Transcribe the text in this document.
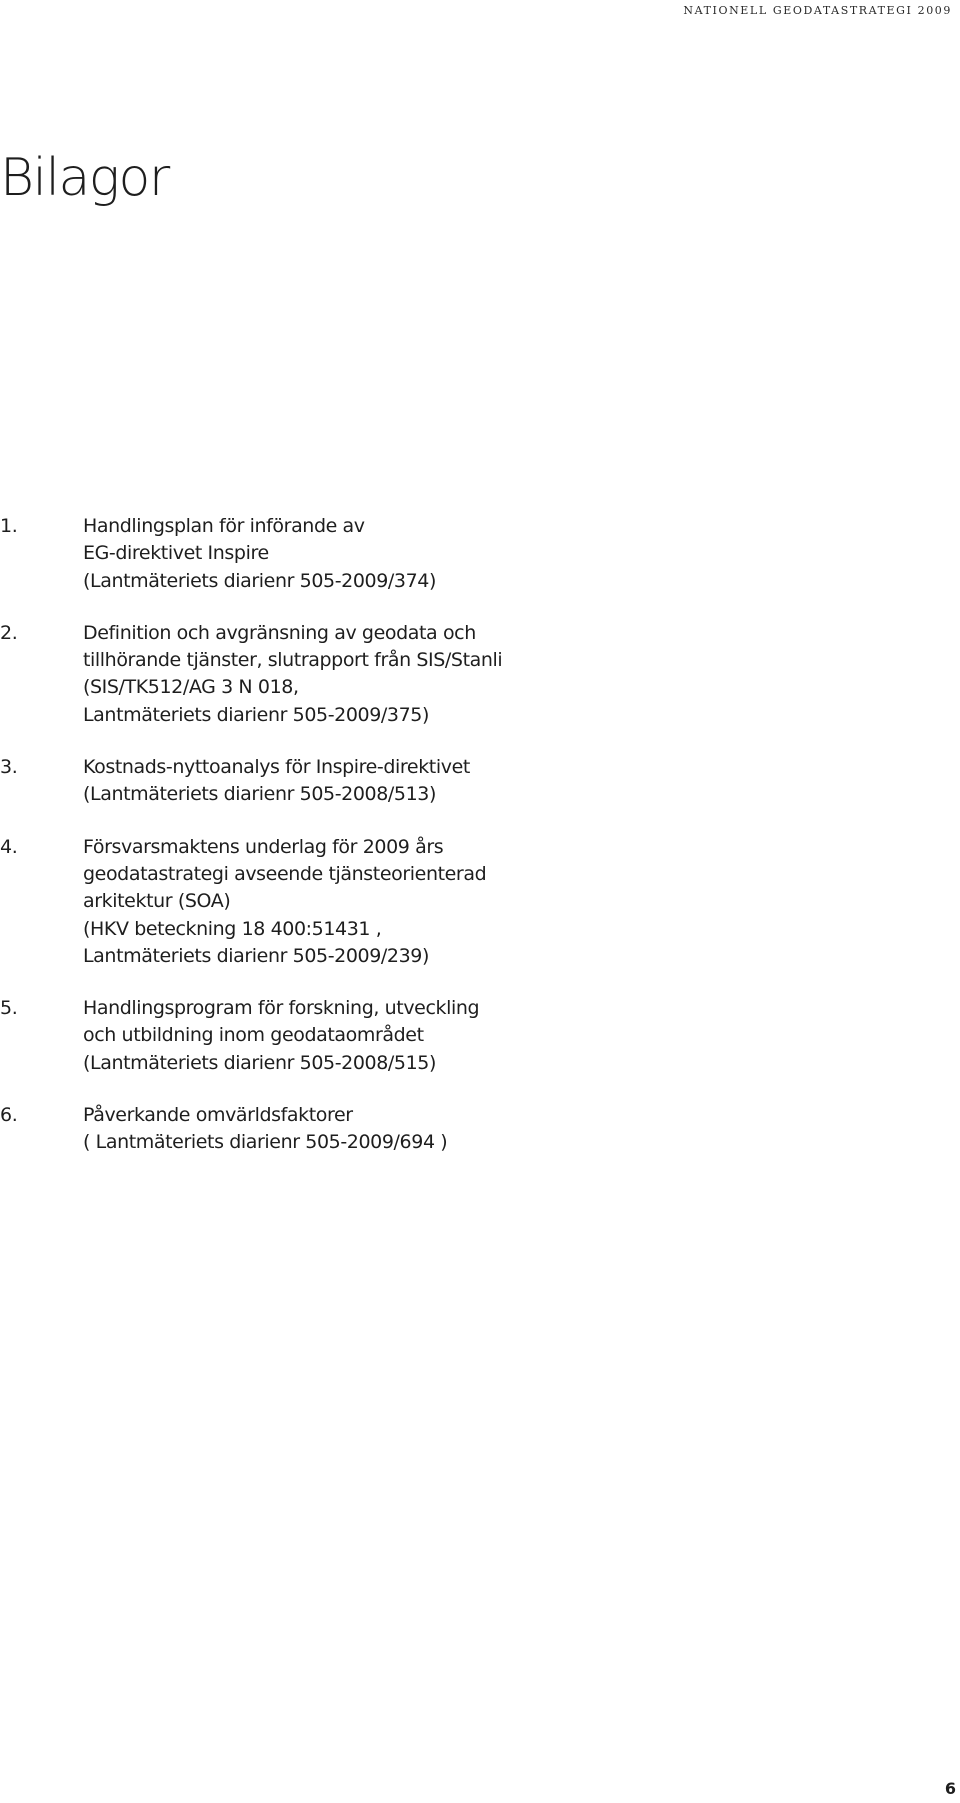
NATIONELL GEODATASTRATEGI 2009
Bilagor
1.	Handlingsplan för införande av
EG-direktivet Inspire
(Lantmäteriets diarienr 505-2009/374)
2.	Definition och avgränsning av geodata och
tillhörande tjänster, slutrapport från SIS/Stanli
(SIS/TK512/AG 3 N 018,
Lantmäteriets diarienr 505-2009/375)
3.	Kostnads-nyttoanalys för Inspire-direktivet
(Lantmäteriets diarienr 505-2008/513)
4.	Försvarsmaktens underlag för 2009 års
geodatastrategi avseende tjänsteorienterad
arkitektur (SOA)
(HKV beteckning 18 400:51431 ,
Lantmäteriets diarienr 505-2009/239)
5.	Handlingsprogram för forskning, utveckling
och utbildning inom geodataområdet
(Lantmäteriets diarienr 505-2008/515)
6.	Påverkande omvärldsfaktorer
( Lantmäteriets diarienr 505-2009/694 )
6
